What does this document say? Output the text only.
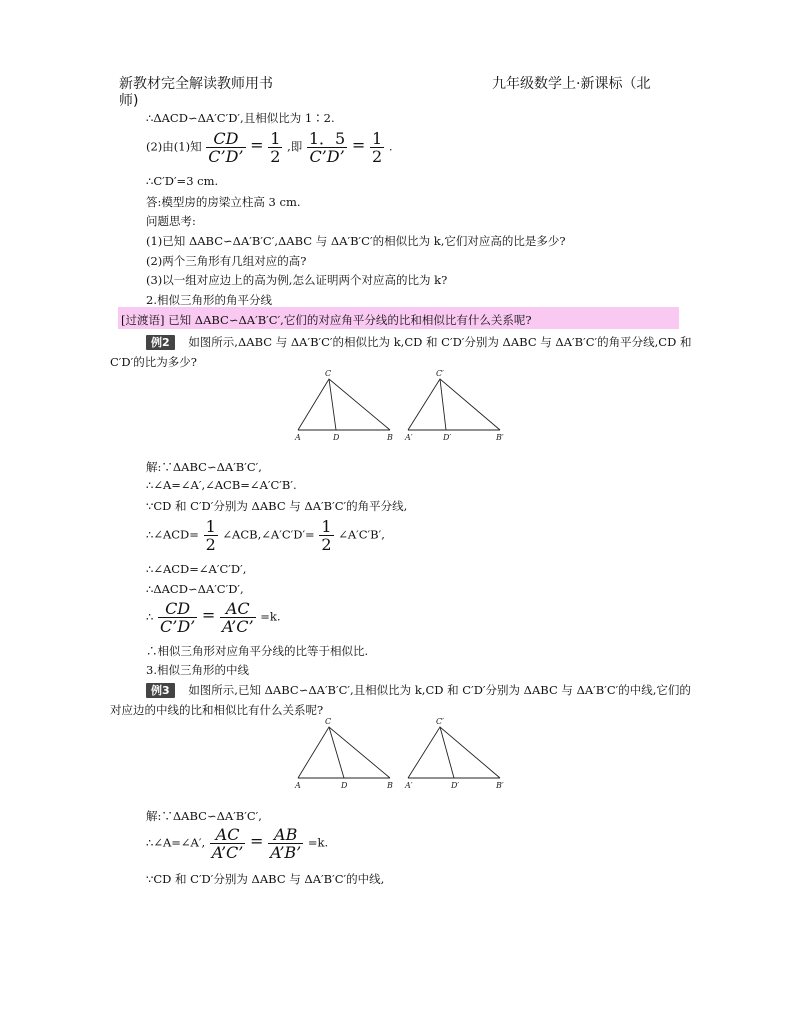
新教材完全解读教师用书
师)
九年级数学上·新课标（北
∴ΔACD∽ΔA′C′D′,且相似比为 1∶2.
(2)由(1)知 $\frac{CD}{C’D’} = \frac{1}{2}$ ,即 $\frac{1.5}{C’D’} = \frac{1}{2}$ .
∴C′D′=3 cm.
答:模型房的房梁立柱高 3 cm.
问题思考:
(1)已知 ΔABC∽ΔA′B′C′,ΔABC 与 ΔA′B′C′的相似比为 k,它们对应高的比是多少?
(2)两个三角形有几组对应的高?
(3)以一组对应边上的高为例,怎么证明两个对应高的比为 k?
2.相似三角形的角平分线
[过渡语] 已知 ΔABC∽ΔA′B′C′,它们的对应角平分线的比和相似比有什么关系呢?
例2 如图所示,ΔABC 与 ΔA′B′C′的相似比为 k,CD 和 C′D′分别为 ΔABC 与 ΔA′B′C′的角平分线,CD 和
C′D′的比为多少?
C
A	D	B
C′
A′	D′	B′
解:∵ΔABC∽ΔA′B′C′,
∴∠A=∠A′,∠ACB=∠A′C′B′.
∵CD 和 C′D′分别为 ΔABC 与 ΔA′B′C′的角平分线,
∴∠ACD= $\frac{1}{2}$ ∠ACB,∠A′C′D′= $\frac{1}{2}$ ∠A′C′B′,
∴∠ACD=∠A′C′D′,
∴ΔACD∽ΔA′C′D′,
∴ $\frac{CD}{C’D’} = \frac{AC}{A’C’} =k$.
∴相似三角形对应角平分线的比等于相似比.
3.相似三角形的中线
例3 如图所示,已知 ΔABC∽ΔA′B′C′,且相似比为 k,CD 和 C′D′分别为 ΔABC 与 ΔA′B′C′的中线,它们的
对应边的中线的比和相似比有什么关系呢?
C
A	D	B
C′
A′	D′	B′
解:∵ΔABC∽ΔA′B′C′,
∴∠A=∠A′, $\frac{AC}{A’C’} = \frac{AB}{A’B’} =k$.
∵CD 和 C′D′分别为 ΔABC 与 ΔA′B′C′的中线,
